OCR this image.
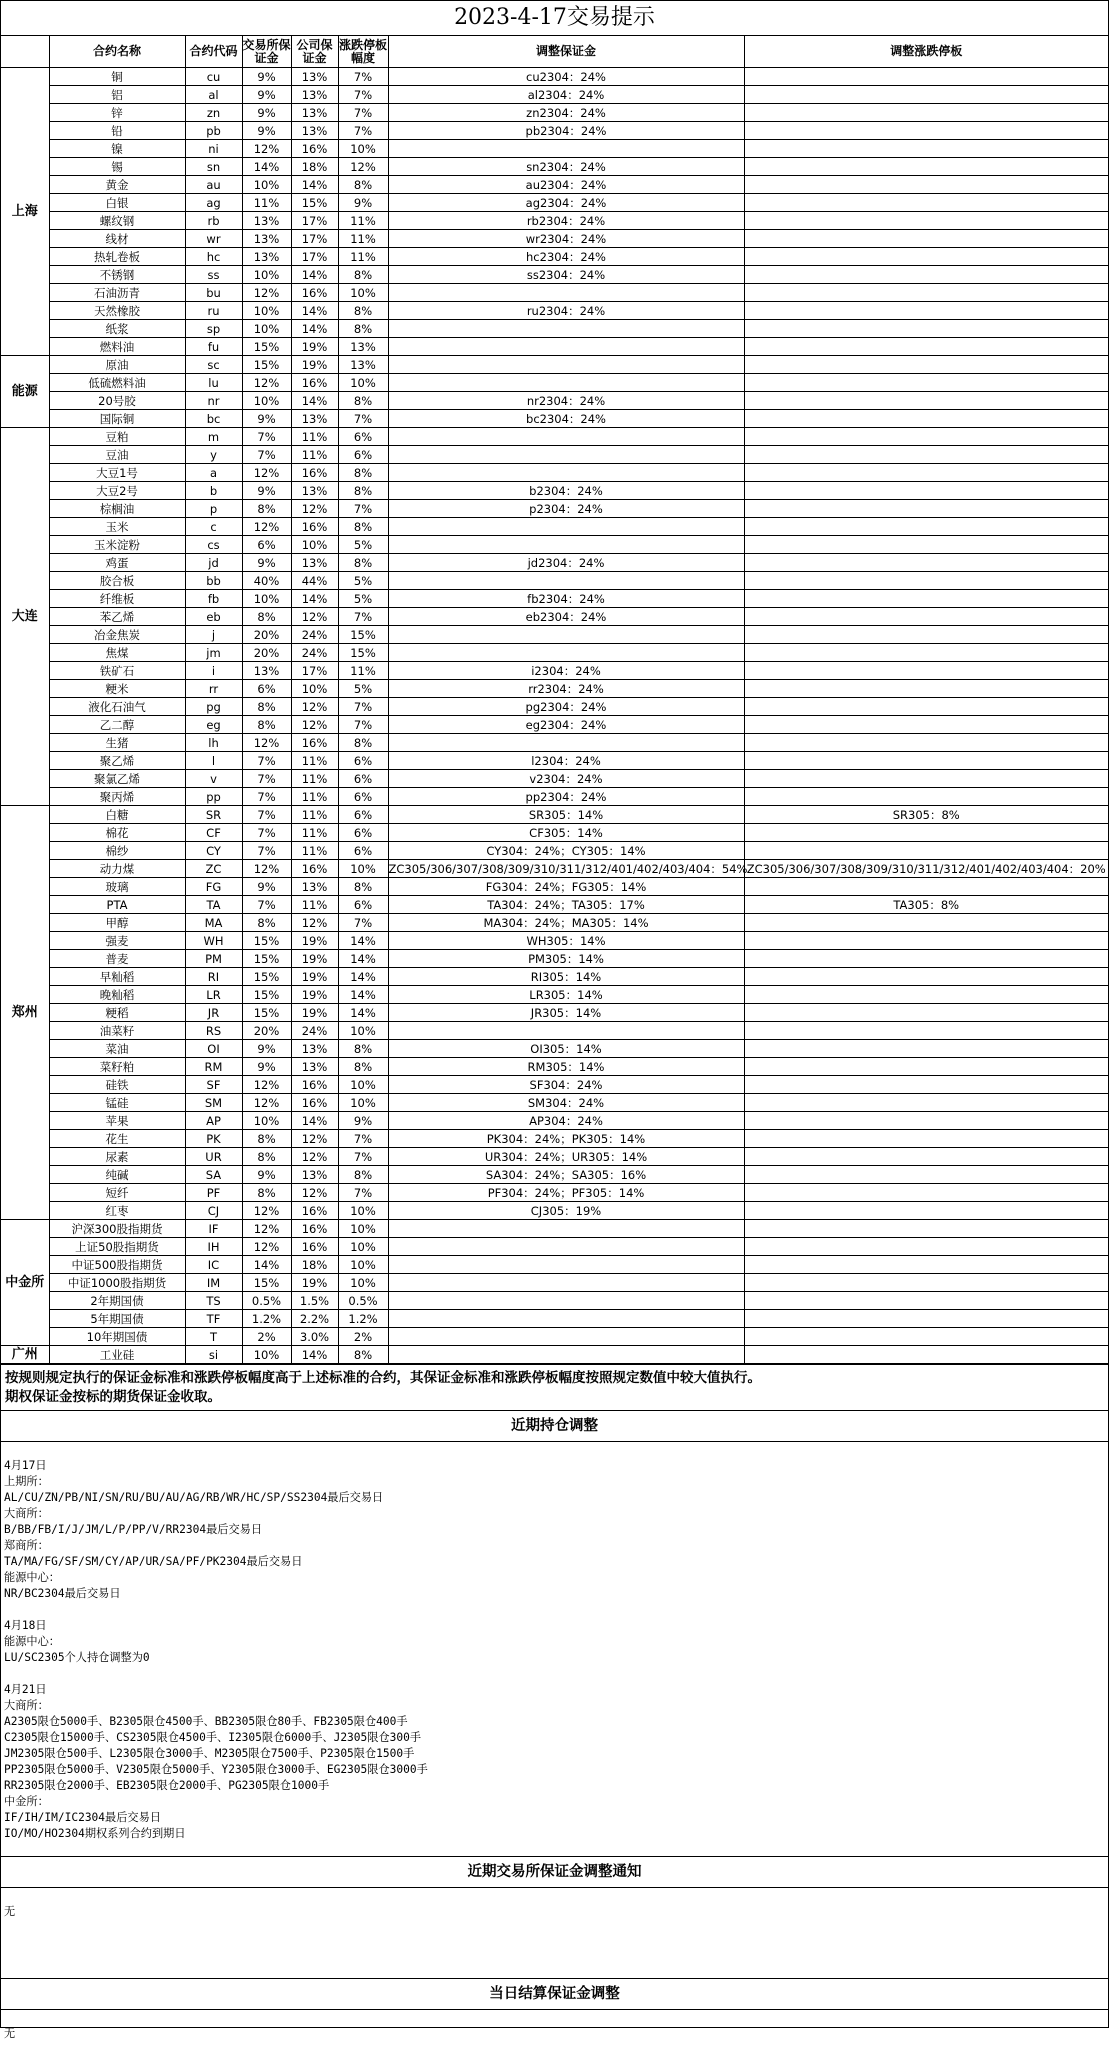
2023-4-17交易提示
	合约名称	合约代码	交易所保证金	公司保证金	涨跌停板幅度	调整保证金	调整涨跌停板
上海	铜	cu	9%	13%	7%	cu2304：24%	
	铝	al	9%	13%	7%	al2304：24%	
	锌	zn	9%	13%	7%	zn2304：24%	
	铅	pb	9%	13%	7%	pb2304：24%	
	镍	ni	12%	16%	10%		
	锡	sn	14%	18%	12%	sn2304：24%	
	黄金	au	10%	14%	8%	au2304：24%	
	白银	ag	11%	15%	9%	ag2304：24%	
	螺纹钢	rb	13%	17%	11%	rb2304：24%	
	线材	wr	13%	17%	11%	wr2304：24%	
	热轧卷板	hc	13%	17%	11%	hc2304：24%	
	不锈钢	ss	10%	14%	8%	ss2304：24%	
	石油沥青	bu	12%	16%	10%		
	天然橡胶	ru	10%	14%	8%	ru2304：24%	
	纸浆	sp	10%	14%	8%		
	燃料油	fu	15%	19%	13%		
能源	原油	sc	15%	19%	13%		
	低硫燃料油	lu	12%	16%	10%		
	20号胶	nr	10%	14%	8%	nr2304：24%	
	国际铜	bc	9%	13%	7%	bc2304：24%	
大连	豆粕	m	7%	11%	6%		
	豆油	y	7%	11%	6%		
	大豆1号	a	12%	16%	8%		
	大豆2号	b	9%	13%	8%	b2304：24%	
	棕榈油	p	8%	12%	7%	p2304：24%	
	玉米	c	12%	16%	8%		
	玉米淀粉	cs	6%	10%	5%		
	鸡蛋	jd	9%	13%	8%	jd2304：24%	
	胶合板	bb	40%	44%	5%		
	纤维板	fb	10%	14%	5%	fb2304：24%	
	苯乙烯	eb	8%	12%	7%	eb2304：24%	
	冶金焦炭	j	20%	24%	15%		
	焦煤	jm	20%	24%	15%		
	铁矿石	i	13%	17%	11%	i2304：24%	
	粳米	rr	6%	10%	5%	rr2304：24%	
	液化石油气	pg	8%	12%	7%	pg2304：24%	
	乙二醇	eg	8%	12%	7%	eg2304：24%	
	生猪	lh	12%	16%	8%		
	聚乙烯	l	7%	11%	6%	l2304：24%	
	聚氯乙烯	v	7%	11%	6%	v2304：24%	
	聚丙烯	pp	7%	11%	6%	pp2304：24%	
郑州	白糖	SR	7%	11%	6%	SR305：14%	SR305：8%
	棉花	CF	7%	11%	6%	CF305：14%	
	棉纱	CY	7%	11%	6%	CY304：24%；CY305：14%	
	动力煤	ZC	12%	16%	10%	ZC305/306/307/308/309/310/311/312/401/402/403/404：54%	ZC305/306/307/308/309/310/311/312/401/402/403/404：20%
	玻璃	FG	9%	13%	8%	FG304：24%；FG305：14%	
	PTA	TA	7%	11%	6%	TA304：24%；TA305：17%	TA305：8%
	甲醇	MA	8%	12%	7%	MA304：24%；MA305：14%	
	强麦	WH	15%	19%	14%	WH305：14%	
	普麦	PM	15%	19%	14%	PM305：14%	
	早籼稻	RI	15%	19%	14%	RI305：14%	
	晚籼稻	LR	15%	19%	14%	LR305：14%	
	粳稻	JR	15%	19%	14%	JR305：14%	
	油菜籽	RS	20%	24%	10%		
	菜油	OI	9%	13%	8%	OI305：14%	
	菜籽粕	RM	9%	13%	8%	RM305：14%	
	硅铁	SF	12%	16%	10%	SF304：24%	
	锰硅	SM	12%	16%	10%	SM304：24%	
	苹果	AP	10%	14%	9%	AP304：24%	
	花生	PK	8%	12%	7%	PK304：24%；PK305：14%	
	尿素	UR	8%	12%	7%	UR304：24%；UR305：14%	
	纯碱	SA	9%	13%	8%	SA304：24%；SA305：16%	
	短纤	PF	8%	12%	7%	PF304：24%；PF305：14%	
	红枣	CJ	12%	16%	10%	CJ305：19%	
中金所	沪深300股指期货	IF	12%	16%	10%		
	上证50股指期货	IH	12%	16%	10%		
	中证500股指期货	IC	14%	18%	10%		
	中证1000股指期货	IM	15%	19%	10%		
	2年期国债	TS	0.5%	1.5%	0.5%		
	5年期国债	TF	1.2%	2.2%	1.2%		
	10年期国债	T	2%	3.0%	2%		
广州	工业硅	si	10%	14%	8%		
按规则规定执行的保证金标准和涨跌停板幅度高于上述标准的合约，其保证金标准和涨跌停板幅度按照规定数值中较大值执行。
期权保证金按标的期货保证金收取。
近期持仓调整
4月17日
上期所：
AL/CU/ZN/PB/NI/SN/RU/BU/AU/AG/RB/WR/HC/SP/SS2304最后交易日
大商所：
B/BB/FB/I/J/JM/L/P/PP/V/RR2304最后交易日
郑商所：
TA/MA/FG/SF/SM/CY/AP/UR/SA/PF/PK2304最后交易日
能源中心：
NR/BC2304最后交易日
4月18日
能源中心：
LU/SC2305个人持仓调整为0
4月21日
大商所：
A2305限仓5000手、B2305限仓4500手、BB2305限仓80手、FB2305限仓400手
C2305限仓15000手、CS2305限仓4500手、I2305限仓6000手、J2305限仓300手
JM2305限仓500手、L2305限仓3000手、M2305限仓7500手、P2305限仓1500手
PP2305限仓5000手、V2305限仓5000手、Y2305限仓3000手、EG2305限仓3000手
RR2305限仓2000手、EB2305限仓2000手、PG2305限仓1000手
中金所：
IF/IH/IM/IC2304最后交易日
IO/MO/HO2304期权系列合约到期日
近期交易所保证金调整通知
无
当日结算保证金调整
无
